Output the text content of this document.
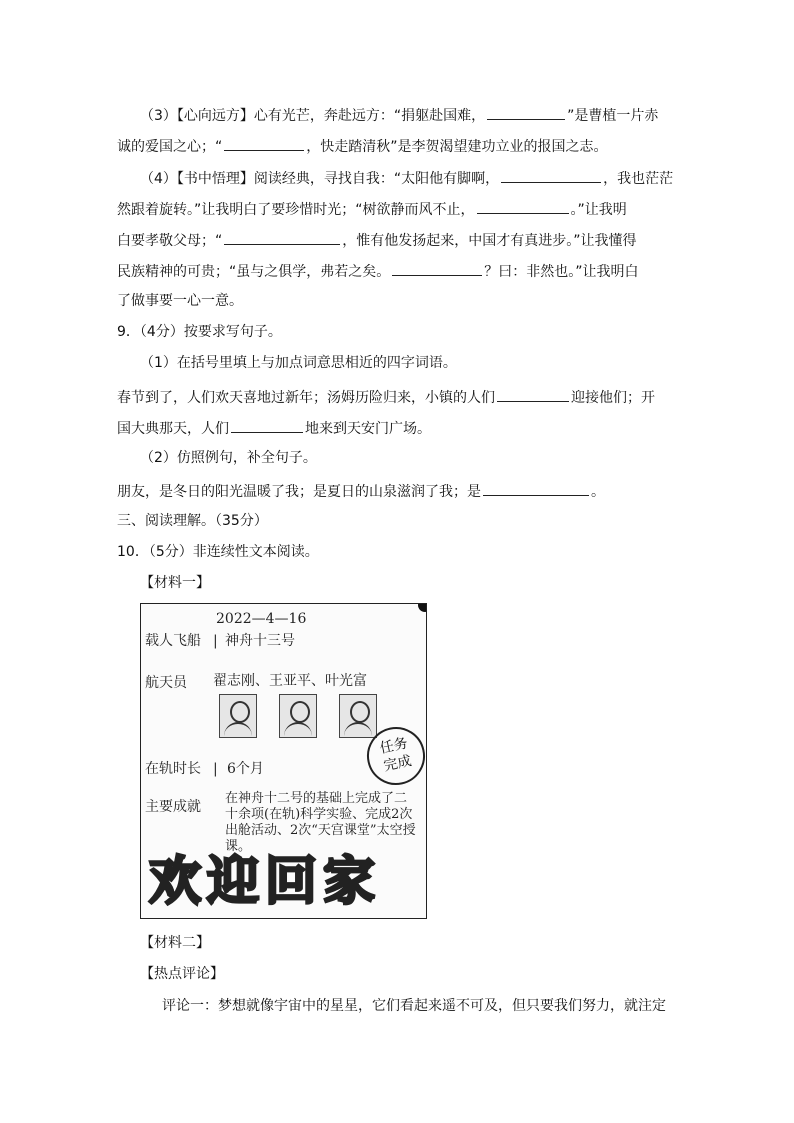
（3）【心向远方】心有光芒，奔赴远方：“捐躯赴国难，	”是曹植一片赤
诚的爱国之心；“	，快走踏清秋”是李贺渴望建功立业的报国之志。
（4）【书中悟理】阅读经典，寻找自我：“太阳他有脚啊，	，我也茫茫
然跟着旋转。”让我明白了要珍惜时光；“树欲静而风不止，	。”让我明
白要孝敬父母；“	，惟有他发扬起来，中国才有真进步。”让我懂得
民族精神的可贵；“虽与之俱学，弗若之矣。	？曰：非然也。”让我明白
了做事要一心一意。
9．（4分）按要求写句子。
（1）在括号里填上与加点词意思相近的四字词语。
春节到了，人们欢天喜地过新年；汤姆历险归来，小镇的人们	迎接他们；开
国大典那天，人们	地来到天安门广场。
（2）仿照例句，补全句子。
朋友，是冬日的阳光温暖了我；是夏日的山泉滋润了我；是	。
三、阅读理解。（35分）
10．（5分）非连续性文本阅读。
【材料一】
2022—4—16
载人飞船 | 神舟十三号
航天员 翟志刚、王亚平、叶光富
在轨时长 | 6个月
任务
完成
主要成就
在神舟十二号的基础上完成了二
十余项(在轨)科学实验、完成2次
出舱活动、2次“天宫课堂”太空授
课。
欢迎回家
【材料二】
【热点评论】
评论一：梦想就像宇宙中的星星，它们看起来遥不可及，但只要我们努力，就注定
